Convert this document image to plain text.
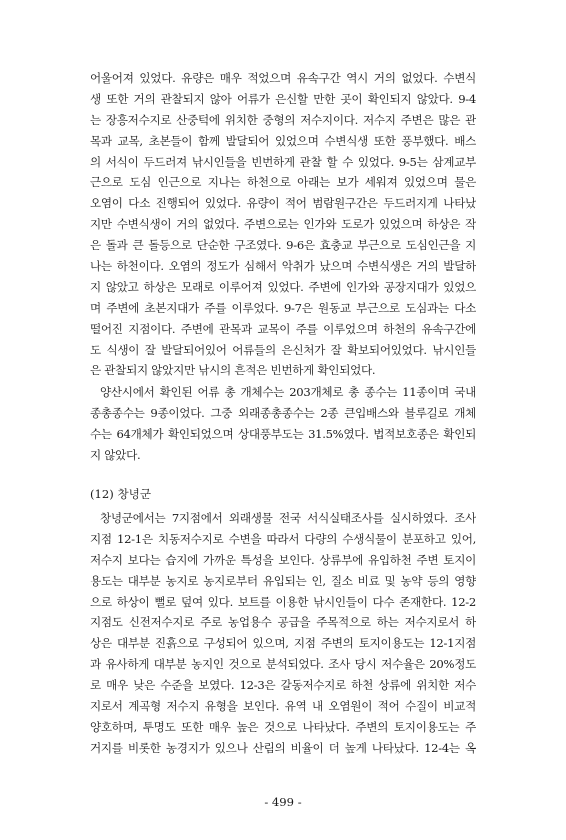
어울어져 있었다. 유량은 매우 적었으며 유속구간 역시 거의 없었다. 수변식
생 또한 거의 관찰되지 않아 어류가 은신할 만한 곳이 확인되지 않았다. 9-4
는 장흥저수지로 산중턱에 위치한 중형의 저수지이다. 저수지 주변은 많은 관
목과 교목, 초본들이 함께 발달되어 있었으며 수변식생 또한 풍부했다. 배스
의 서식이 두드러져 낚시인들을 빈번하게 관찰 할 수 있었다. 9-5는 삼계교부
근으로 도심 인근으로 지나는 하천으로 아래는 보가 세워져 있었으며 물은
오염이 다소 진행되어 있었다. 유량이 적어 범람원구간은 두드러지게 나타났
지만 수변식생이 거의 없었다. 주변으로는 인가와 도로가 있었으며 하상은 작
은 돌과 큰 돌등으로 단순한 구조였다. 9-6은 효충교 부근으로 도심인근을 지
나는 하천이다. 오염의 정도가 심해서 악취가 났으며 수변식생은 거의 발달하
지 않았고 하상은 모래로 이루어져 있었다. 주변에 인가와 공장지대가 있었으
며 주변에 초본지대가 주를 이루었다. 9-7은 원동교 부근으로 도심과는 다소
떨어진 지점이다. 주변에 관목과 교목이 주를 이루었으며 하천의 유속구간에
도 식생이 잘 발달되어있어 어류들의 은신처가 잘 확보되어있었다. 낚시인들
은 관찰되지 않았지만 낚시의 흔적은 빈번하게 확인되었다.
양산시에서 확인된 어류 총 개체수는 203개체로 총 종수는 11종이며 국내
종총종수는 9종이었다. 그중 외래종총종수는 2종 큰입배스와 블루길로 개체
수는 64개체가 확인되었으며 상대풍부도는 31.5%였다. 법적보호종은 확인되
지 않았다.
(12) 창녕군
창녕군에서는 7지점에서 외래생물 전국 서식실태조사를 실시하였다. 조사
지점 12-1은 치동저수지로 수변을 따라서 다량의 수생식물이 분포하고 있어,
저수지 보다는 습지에 가까운 특성을 보인다. 상류부에 유입하천 주변 토지이
용도는 대부분 농지로 농지로부터 유입되는 인, 질소 비료 및 농약 등의 영향
으로 하상이 뻘로 덮여 있다. 보트를 이용한 낚시인들이 다수 존재한다. 12-2
지점도 신전저수지로 주로 농업용수 공급을 주목적으로 하는 저수지로서 하
상은 대부분 진흙으로 구성되어 있으며, 지점 주변의 토지이용도는 12-1지점
과 유사하게 대부분 농지인 것으로 분석되었다. 조사 당시 저수율은 20%정도
로 매우 낮은 수준을 보였다. 12-3은 갈동저수지로 하천 상류에 위치한 저수
지로서 계곡형 저수지 유형을 보인다. 유역 내 오염원이 적어 수질이 비교적
양호하며, 투명도 또한 매우 높은 것으로 나타났다. 주변의 토지이용도는 주
거지를 비롯한 농경지가 있으나 산림의 비율이 더 높게 나타났다. 12-4는 옥
- 499 -
